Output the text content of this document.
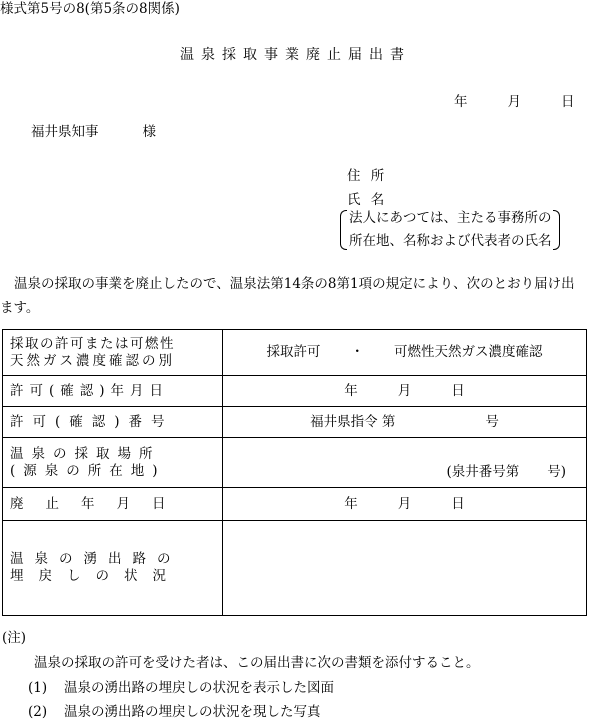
様式第5号の8(第5条の8関係)
温泉採取事業廃止届出書
年	月	日
福井県知事	様
住 所
氏 名
法人にあつては、主たる事務所の
所在地、名称および代表者の氏名
温泉の採取の事業を廃止したので、温泉法第14条の8第1項の規定により、次のとおり届け出ます。
採取の許可または可燃性
天然ガス濃度確認の別	採取許可 ・ 可燃性天然ガス濃度確認

許可(確認)年月日	年 月 日

許可(確認)番号	福井県指令 第 号

温泉の採取場所
(源泉の所在地)	(泉井番号第 号)

廃止年月日	年 月 日

温泉の湧出路の
埋戻しの状況	

(注)
温泉の採取の許可を受けた者は、この届出書に次の書類を添付すること。
(1) 温泉の湧出路の埋戻しの状況を表示した図面
(2) 温泉の湧出路の埋戻しの状況を現した写真
